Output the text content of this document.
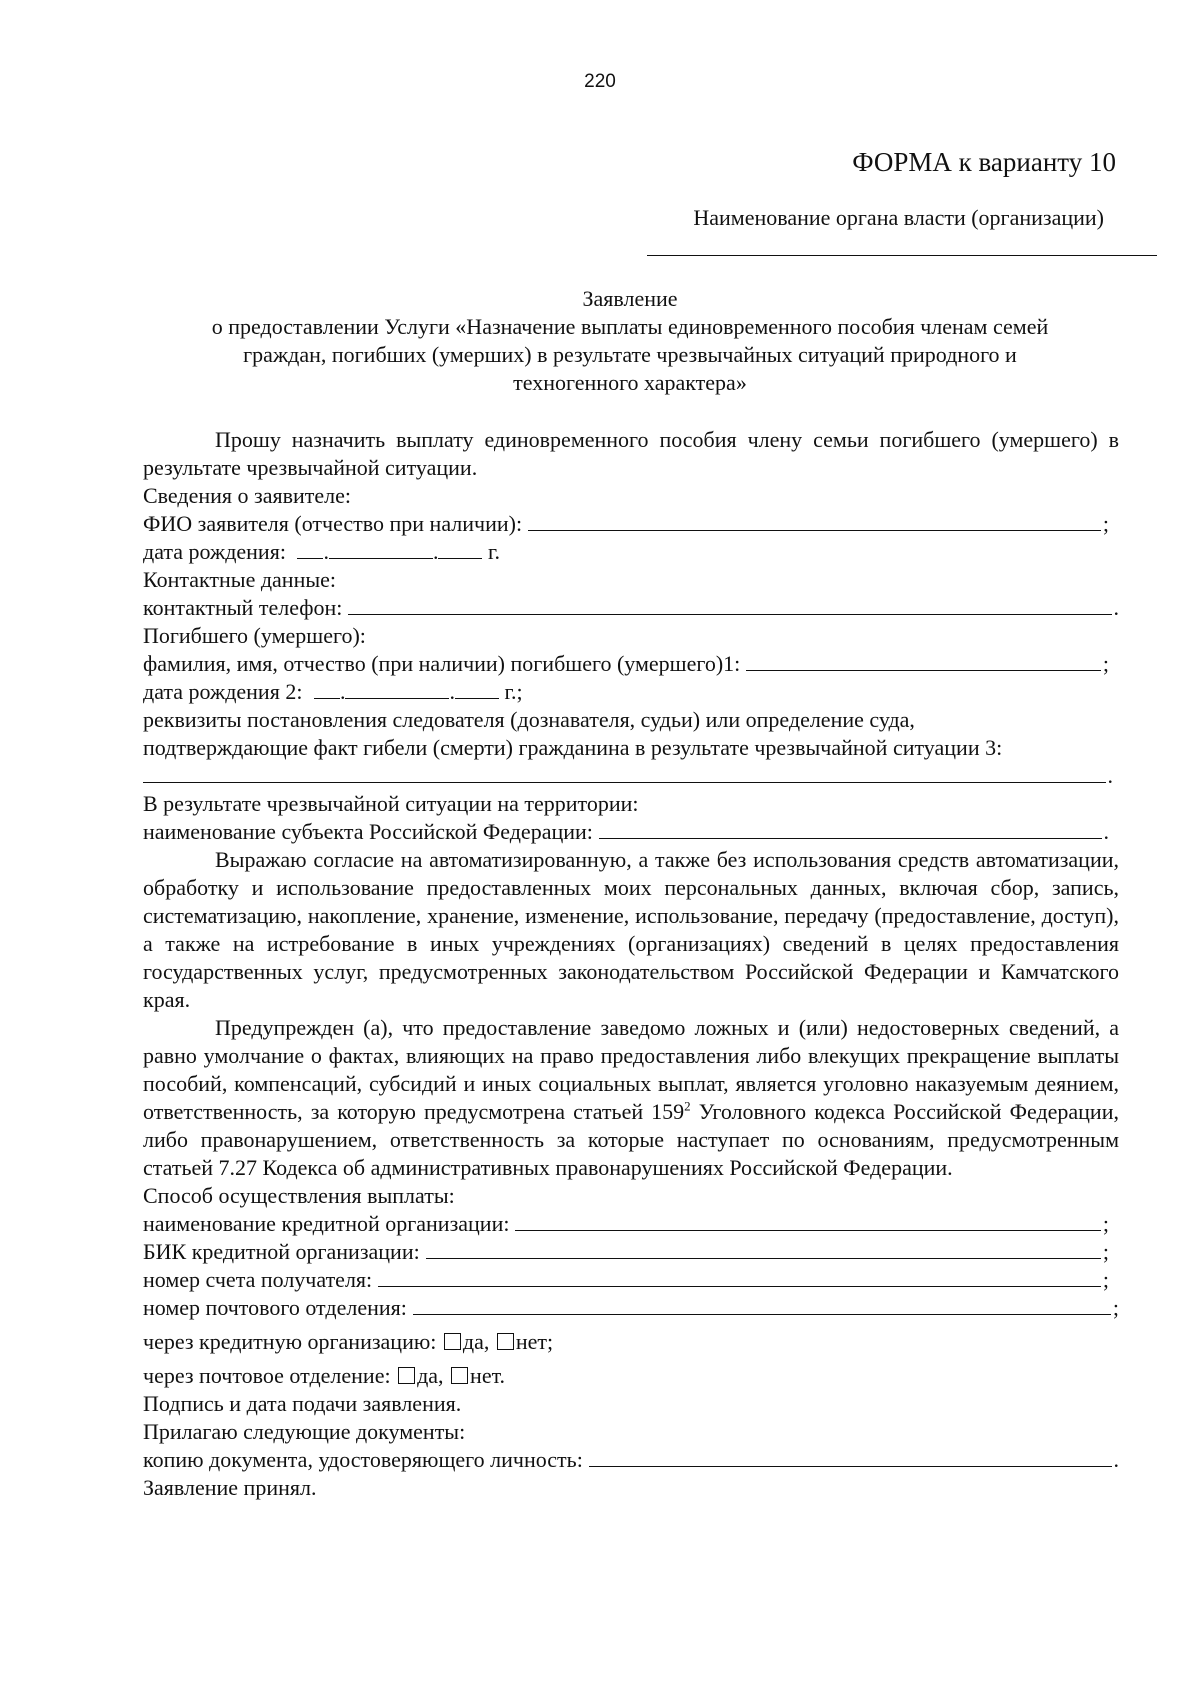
220
ФОРМА к варианту 10
Наименование органа власти (организации)
Заявление
о предоставлении Услуги «Назначение выплаты единовременного пособия членам семей
граждан, погибших (умерших) в результате чрезвычайных ситуаций природного и
техногенного характера»
Прошу назначить выплату единовременного пособия члену семьи погибшего (умершего) в результате чрезвычайной ситуации.
Сведения о заявителе:
ФИО заявителя (отчество при наличии):	;
дата рождения: .	. г.
Контактные данные:
контактный телефон:	.
Погибшего (умершего):
фамилия, имя, отчество (при наличии) погибшего (умершего)1:	;
дата рождения 2: .	. г.;
реквизиты постановления следователя (дознавателя, судьи) или определение суда,
подтверждающие факт гибели (смерти) гражданина в результате чрезвычайной ситуации 3:
.
В результате чрезвычайной ситуации на территории:
наименование субъекта Российской Федерации:	.
Выражаю согласие на автоматизированную, а также без использования средств автоматизации, обработку и использование предоставленных моих персональных данных, включая сбор, запись, систематизацию, накопление, хранение, изменение, использование, передачу (предоставление, доступ), а также на истребование в иных учреждениях (организациях) сведений в целях предоставления государственных услуг, предусмотренных законодательством Российской Федерации и Камчатского края.
Предупрежден (а), что предоставление заведомо ложных и (или) недостоверных сведений, а равно умолчание о фактах, влияющих на право предоставления либо влекущих прекращение выплаты пособий, компенсаций, субсидий и иных социальных выплат, является уголовно наказуемым деянием, ответственность, за которую предусмотрена статьей $159^2$ Уголовного кодекса Российской Федерации, либо правонарушением, ответственность за которые наступает по основаниям, предусмотренным статьей 7.27 Кодекса об административных правонарушениях Российской Федерации.
Способ осуществления выплаты:
наименование кредитной организации:	;
БИК кредитной организации:	;
номер счета получателя:	;
номер почтового отделения:	;
через кредитную организацию: да, нет;
через почтовое отделение: да, нет.
Подпись и дата подачи заявления.
Прилагаю следующие документы:
копию документа, удостоверяющего личность:	.
Заявление принял.
